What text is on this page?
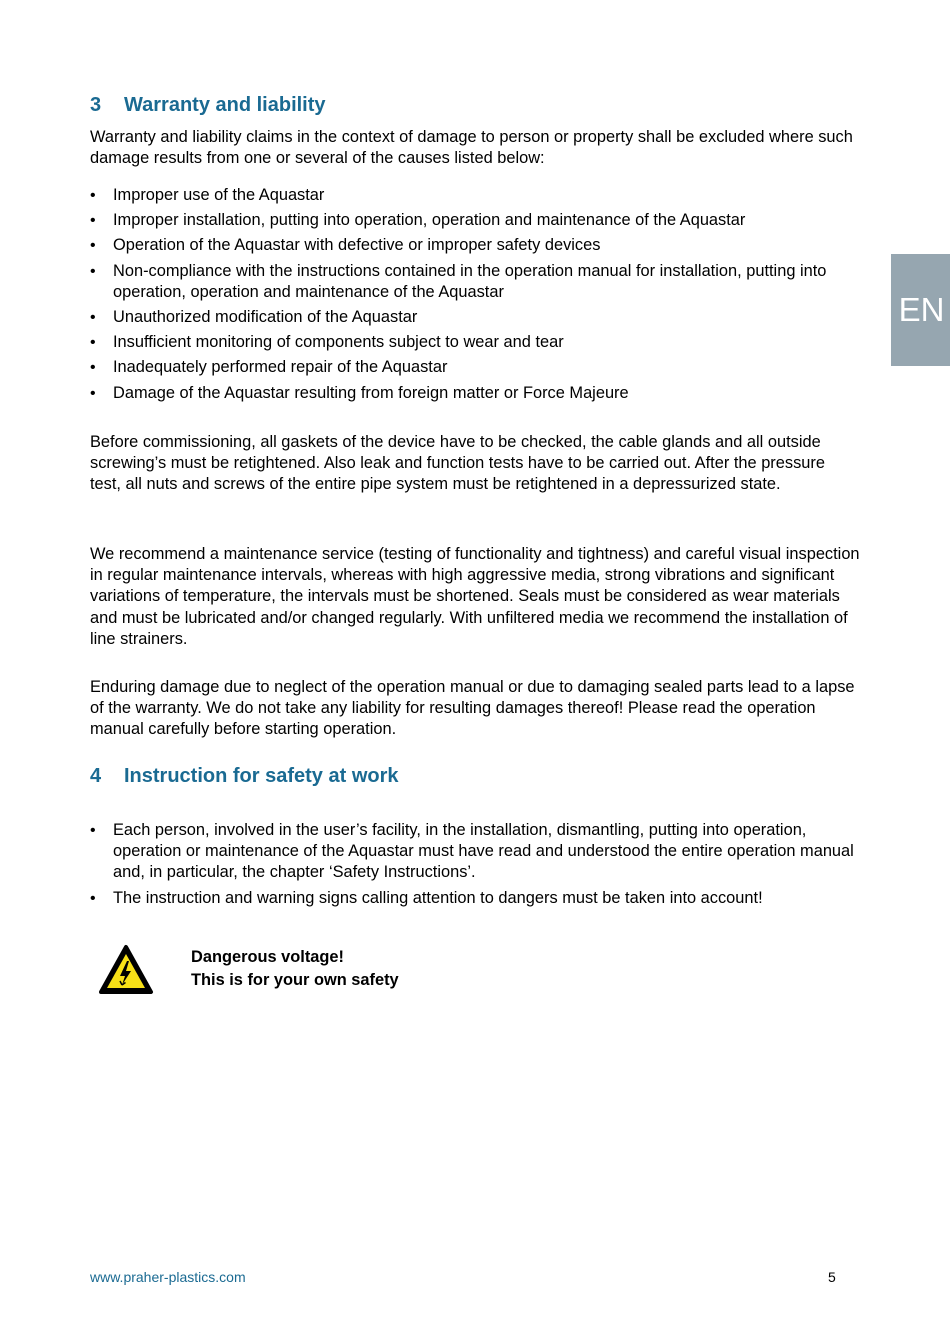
EN
3 Warranty and liability

Warranty and liability claims in the context of damage to person or property shall be excluded where such damage results from one or several of the causes listed below:

• Improper use of the Aquastar
• Improper installation, putting into operation, operation and maintenance of the Aquastar
• Operation of the Aquastar with defective or improper safety devices
• Non-compliance with the instructions contained in the operation manual for installation, putting into operation, operation and maintenance of the Aquastar
• Unauthorized modification of the Aquastar
• Insufficient monitoring of components subject to wear and tear
• Inadequately performed repair of the Aquastar
• Damage of the Aquastar resulting from foreign matter or Force Majeure

Before commissioning, all gaskets of the device have to be checked, the cable glands and all outside screwing’s must be retightened. Also leak and function tests have to be carried out. After the pressure test, all nuts and screws of the entire pipe system must be retightened in a depressurized state.

We recommend a maintenance service (testing of functionality and tightness) and careful visual inspection in regular maintenance intervals, whereas with high aggressive media, strong vibrations and significant variations of temperature, the intervals must be shortened. Seals must be considered as wear materials and must be lubricated and/or changed regularly. With unfiltered media we recommend the installation of line strainers.

Enduring damage due to neglect of the operation manual or due to damaging sealed parts lead to a lapse of the warranty. We do not take any liability for resulting damages thereof! Please read the operation manual carefully before starting operation.

4 Instruction for safety at work
• Each person, involved in the user’s facility, in the installation, dismantling, putting into operation, operation or maintenance of the Aquastar must have read and understood the entire operation manual and, in particular, the chapter ‘Safety Instructions’.
• The instruction and warning signs calling attention to dangers must be taken into account!
Dangerous voltage!
This is for your own safety
www.praher-plastics.com	5
